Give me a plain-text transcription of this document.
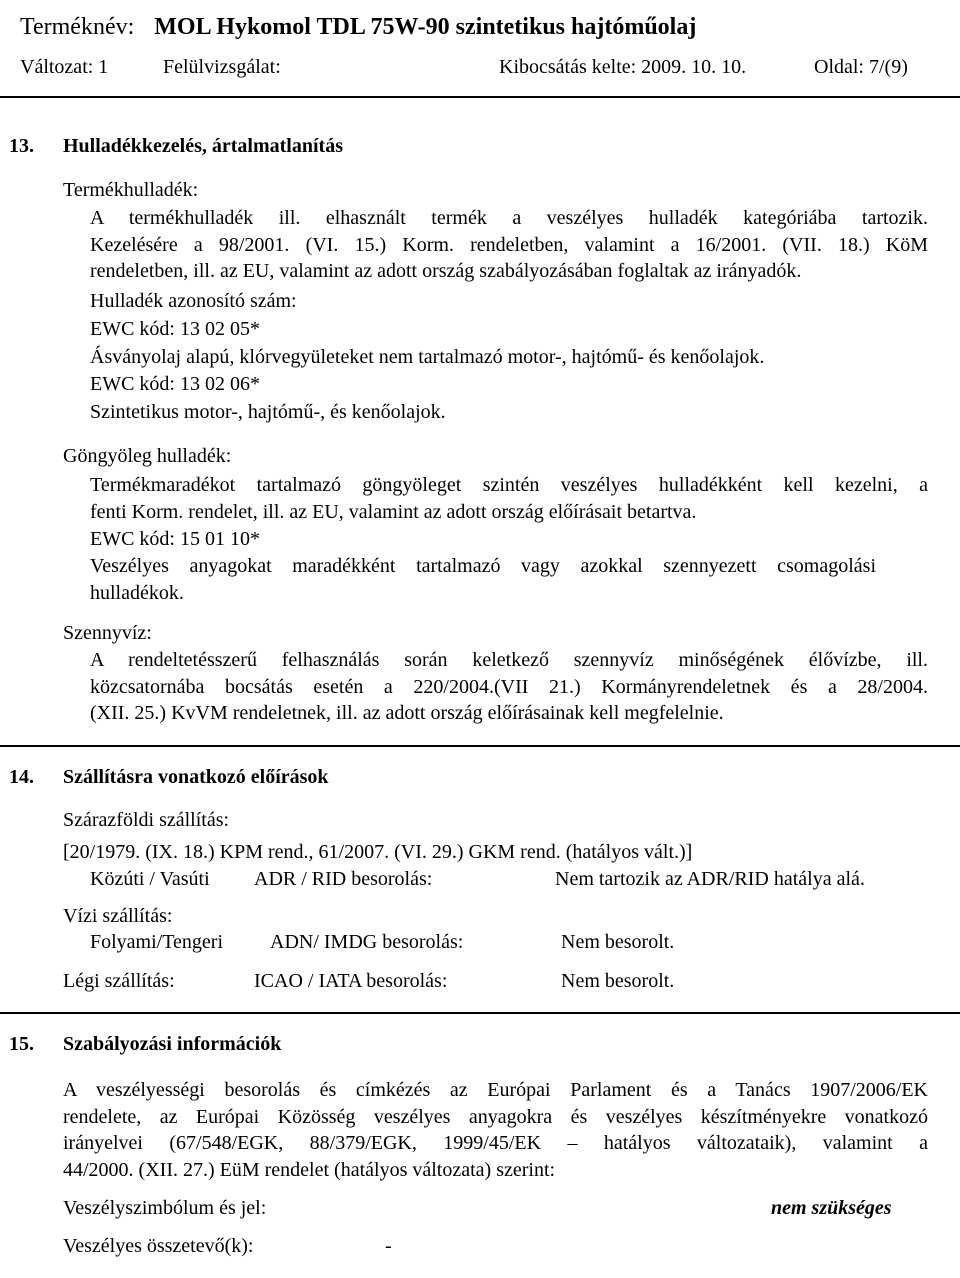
Terméknév: MOL Hykomol TDL 75W-90 szintetikus hajtóműolaj
Változat: 1	Felülvizsgálat:	Kibocsátás kelte: 2009. 10. 10.	Oldal: 7/(9)
13. Hulladékkezelés, ártalmatlanítás
Termékhulladék:
A termékhulladék ill. elhasznált termék a veszélyes hulladék kategóriába tartozik.
Kezelésére a 98/2001. (VI. 15.) Korm. rendeletben, valamint a 16/2001. (VII. 18.) KöM
rendeletben, ill. az EU, valamint az adott ország szabályozásában foglaltak az irányadók.
Hulladék azonosító szám:
EWC kód: 13 02 05*
Ásványolaj alapú, klórvegyületeket nem tartalmazó motor-, hajtómű- és kenőolajok.
EWC kód: 13 02 06*
Szintetikus motor-, hajtómű-, és kenőolajok.
Göngyöleg hulladék:
Termékmaradékot tartalmazó göngyöleget szintén veszélyes hulladékként kell kezelni, a
fenti Korm. rendelet, ill. az EU, valamint az adott ország előírásait betartva.
EWC kód: 15 01 10*
Veszélyes anyagokat maradékként tartalmazó vagy azokkal szennyezett csomagolási
hulladékok.
Szennyvíz:
A rendeltetésszerű felhasználás során keletkező szennyvíz minőségének élővízbe, ill.
közcsatornába bocsátás esetén a 220/2004.(VII 21.) Kormányrendeletnek és a 28/2004.
(XII. 25.) KvVM rendeletnek, ill. az adott ország előírásainak kell megfelelnie.
14. Szállításra vonatkozó előírások
Szárazföldi szállítás:
[20/1979. (IX. 18.) KPM rend., 61/2007. (VI. 29.) GKM rend. (hatályos vált.)]
Közúti / Vasúti ADR / RID besorolás:	Nem tartozik az ADR/RID hatálya alá.
Vízi szállítás:
Folyami/Tengeri ADN/ IMDG besorolás:	Nem besorolt.
Légi szállítás:	ICAO / IATA besorolás:	Nem besorolt.
15. Szabályozási információk
A veszélyességi besorolás és címkézés az Európai Parlament és a Tanács 1907/2006/EK
rendelete, az Európai Közösség veszélyes anyagokra és veszélyes készítményekre vonatkozó
irányelvei (67/548/EGK, 88/379/EGK, 1999/45/EK – hatályos változataik), valamint a
44/2000. (XII. 27.) EüM rendelet (hatályos változata) szerint:
Veszélyszimbólum és jel:	nem szükséges
Veszélyes összetevő(k):	-
